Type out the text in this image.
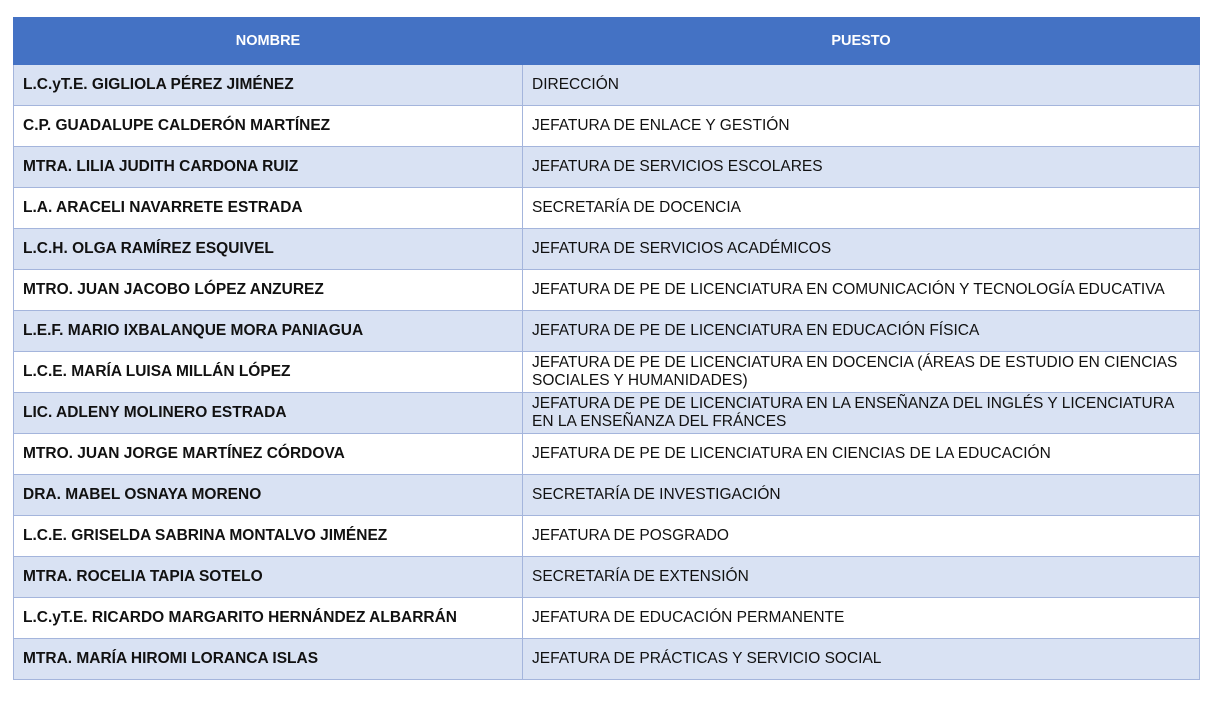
NOMBRE	PUESTO
L.C.yT.E. GIGLIOLA PÉREZ JIMÉNEZ	DIRECCIÓN
C.P. GUADALUPE CALDERÓN MARTÍNEZ	JEFATURA DE ENLACE Y GESTIÓN
MTRA. LILIA JUDITH CARDONA RUIZ	JEFATURA DE SERVICIOS ESCOLARES
L.A. ARACELI NAVARRETE ESTRADA	SECRETARÍA DE DOCENCIA
L.C.H. OLGA RAMÍREZ ESQUIVEL	JEFATURA DE SERVICIOS ACADÉMICOS
MTRO. JUAN JACOBO LÓPEZ ANZUREZ	JEFATURA DE PE DE LICENCIATURA EN COMUNICACIÓN Y TECNOLOGÍA EDUCATIVA
L.E.F. MARIO IXBALANQUE MORA PANIAGUA	JEFATURA DE PE DE LICENCIATURA EN EDUCACIÓN FÍSICA
L.C.E. MARÍA LUISA MILLÁN LÓPEZ	JEFATURA DE PE DE LICENCIATURA EN DOCENCIA (ÁREAS DE ESTUDIO EN CIENCIAS SOCIALES Y HUMANIDADES)
LIC. ADLENY MOLINERO ESTRADA	JEFATURA DE PE DE LICENCIATURA EN LA ENSEÑANZA DEL INGLÉS Y LICENCIATURA EN LA ENSEÑANZA DEL FRÁNCES
MTRO. JUAN JORGE MARTÍNEZ CÓRDOVA	JEFATURA DE PE DE LICENCIATURA EN CIENCIAS DE LA EDUCACIÓN
DRA. MABEL OSNAYA MORENO	SECRETARÍA DE INVESTIGACIÓN
L.C.E. GRISELDA SABRINA MONTALVO JIMÉNEZ	JEFATURA DE POSGRADO
MTRA. ROCELIA TAPIA SOTELO	SECRETARÍA DE EXTENSIÓN
L.C.yT.E. RICARDO MARGARITO HERNÁNDEZ ALBARRÁN	JEFATURA DE EDUCACIÓN PERMANENTE
MTRA. MARÍA HIROMI LORANCA ISLAS	JEFATURA DE PRÁCTICAS Y SERVICIO SOCIAL
